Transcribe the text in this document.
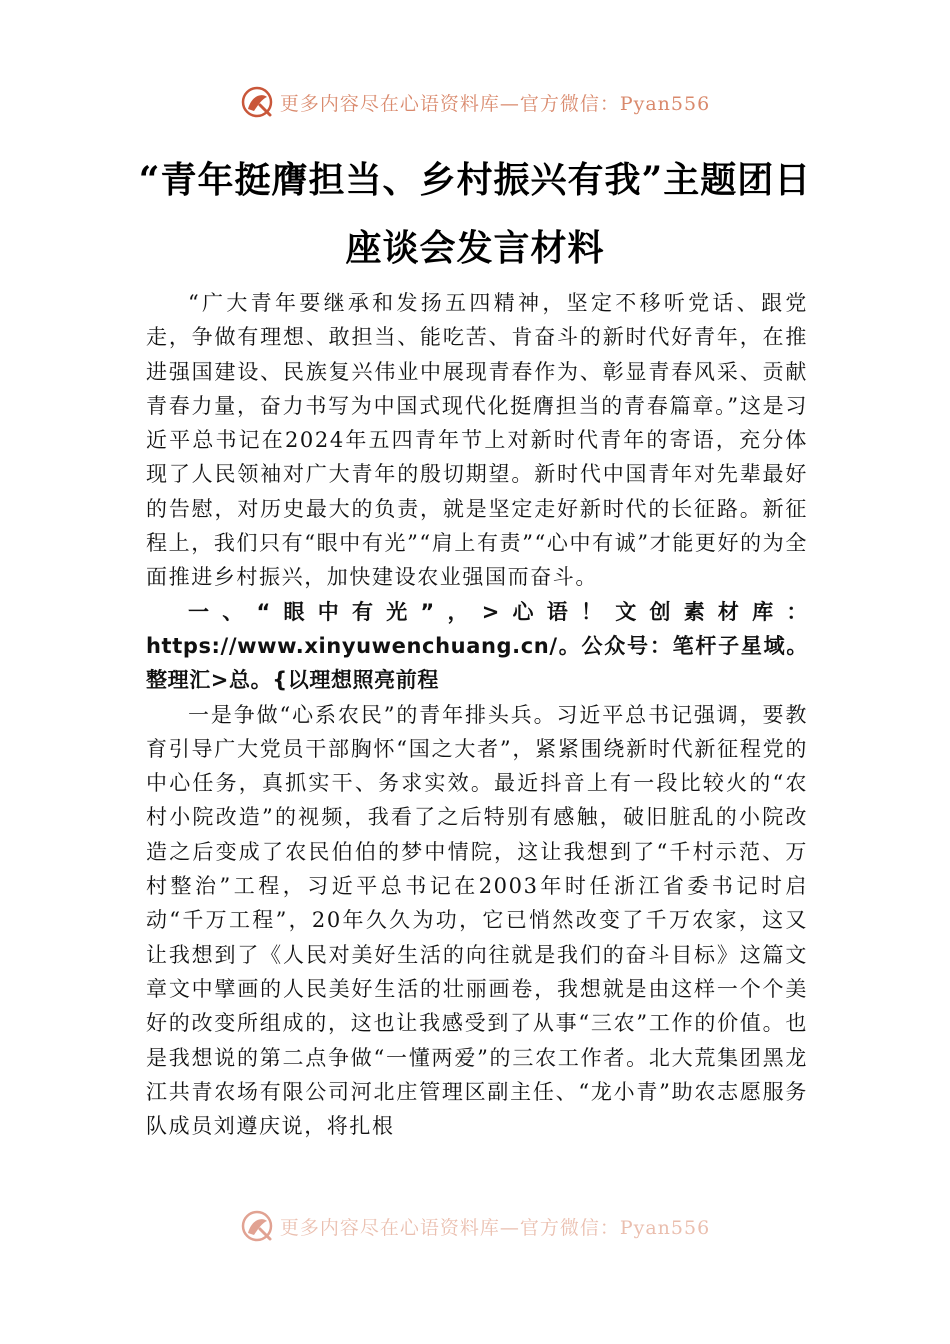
更多内容尽在心语资料库—官方微信：Pyan556
“青年挺膺担当、乡村振兴有我”主题团日
座谈会发言材料

“广大青年要继承和发扬五四精神，坚定不移听党话、跟党走，争做有理想、敢担当、能吃苦、肯奋斗的新时代好青年，在推进强国建设、民族复兴伟业中展现青春作为、彰显青春风采、贡献青春力量，奋力书写为中国式现代化挺膺担当的青春篇章。”这是习近平总书记在2024年五四青年节上对新时代青年的寄语，充分体现了人民领袖对广大青年的殷切期望。新时代中国青年对先辈最好的告慰，对历史最大的负责，就是坚定走好新时代的长征路。新征程上，我们只有“眼中有光”“肩上有责”“心中有诚”才能更好的为全面推进乡村振兴，加快建设农业强国而奋斗。

一、“眼中有光”，>心语！文创素材库：https://www.xinyuwenchuang.cn/。公众号：笔杆子星域。整理汇>总。{以理想照亮前程

一是争做“心系农民”的青年排头兵。习近平总书记强调，要教育引导广大党员干部胸怀“国之大者”，紧紧围绕新时代新征程党的中心任务，真抓实干、务求实效。最近抖音上有一段比较火的“农村小院改造”的视频，我看了之后特别有感触，破旧脏乱的小院改造之后变成了农民伯伯的梦中情院，这让我想到了“千村示范、万村整治”工程，习近平总书记在2003年时任浙江省委书记时启动“千万工程”，20年久久为功，它已悄然改变了千万农家，这又让我想到了《人民对美好生活的向往就是我们的奋斗目标》这篇文章文中擘画的人民美好生活的壮丽画卷，我想就是由这样一个个美好的改变所组成的，这也让我感受到了从事“三农”工作的价值。也是我想说的第二点争做“一懂两爱”的三农工作者。北大荒集团黑龙江共青农场有限公司河北庄管理区副主任、“龙小青”助农志愿服务队成员刘遵庆说，将扎根

更多内容尽在心语资料库—官方微信：Pyan556
